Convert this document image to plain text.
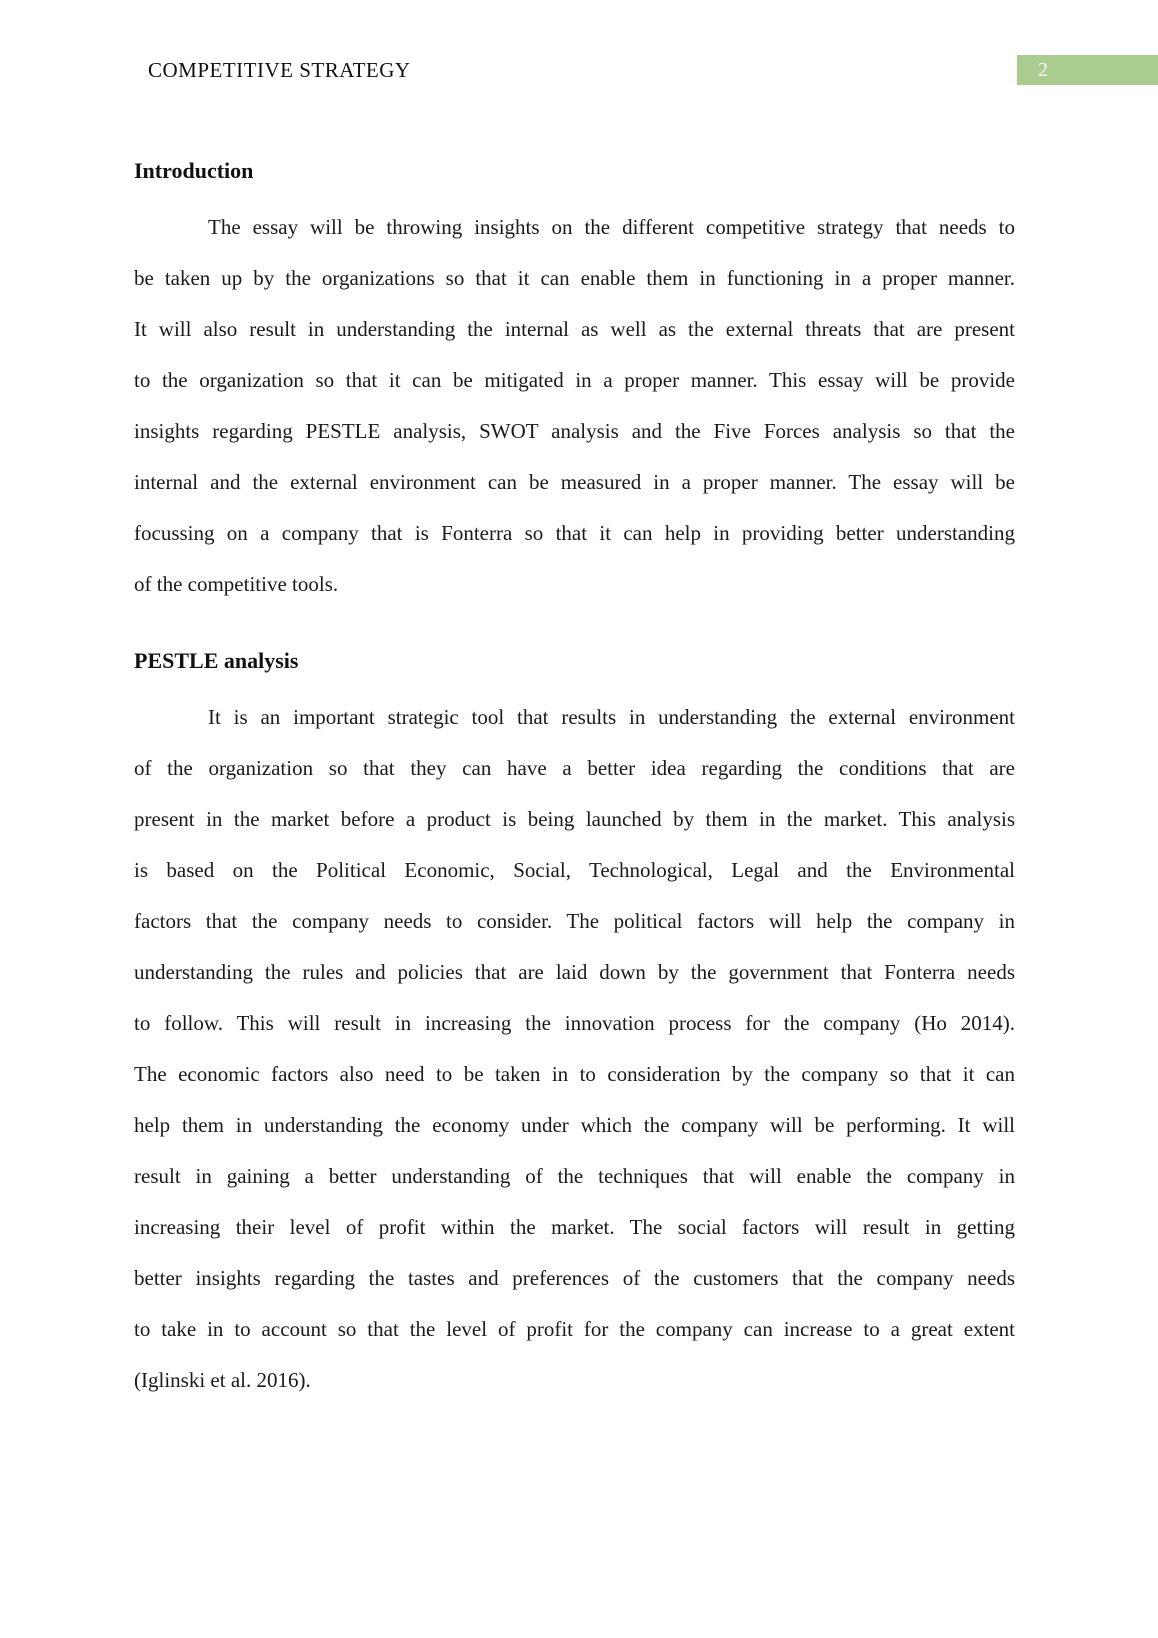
COMPETITIVE STRATEGY	2
Introduction
The essay will be throwing insights on the different competitive strategy that needs to
be taken up by the organizations so that it can enable them in functioning in a proper manner.
It will also result in understanding the internal as well as the external threats that are present
to the organization so that it can be mitigated in a proper manner. This essay will be provide
insights regarding PESTLE analysis, SWOT analysis and the Five Forces analysis so that the
internal and the external environment can be measured in a proper manner. The essay will be
focussing on a company that is Fonterra so that it can help in providing better understanding
of the competitive tools.
PESTLE analysis
It is an important strategic tool that results in understanding the external environment
of the organization so that they can have a better idea regarding the conditions that are
present in the market before a product is being launched by them in the market. This analysis
is based on the Political Economic, Social, Technological, Legal and the Environmental
factors that the company needs to consider. The political factors will help the company in
understanding the rules and policies that are laid down by the government that Fonterra needs
to follow. This will result in increasing the innovation process for the company (Ho 2014).
The economic factors also need to be taken in to consideration by the company so that it can
help them in understanding the economy under which the company will be performing. It will
result in gaining a better understanding of the techniques that will enable the company in
increasing their level of profit within the market. The social factors will result in getting
better insights regarding the tastes and preferences of the customers that the company needs
to take in to account so that the level of profit for the company can increase to a great extent
(Iglinski et al. 2016).
